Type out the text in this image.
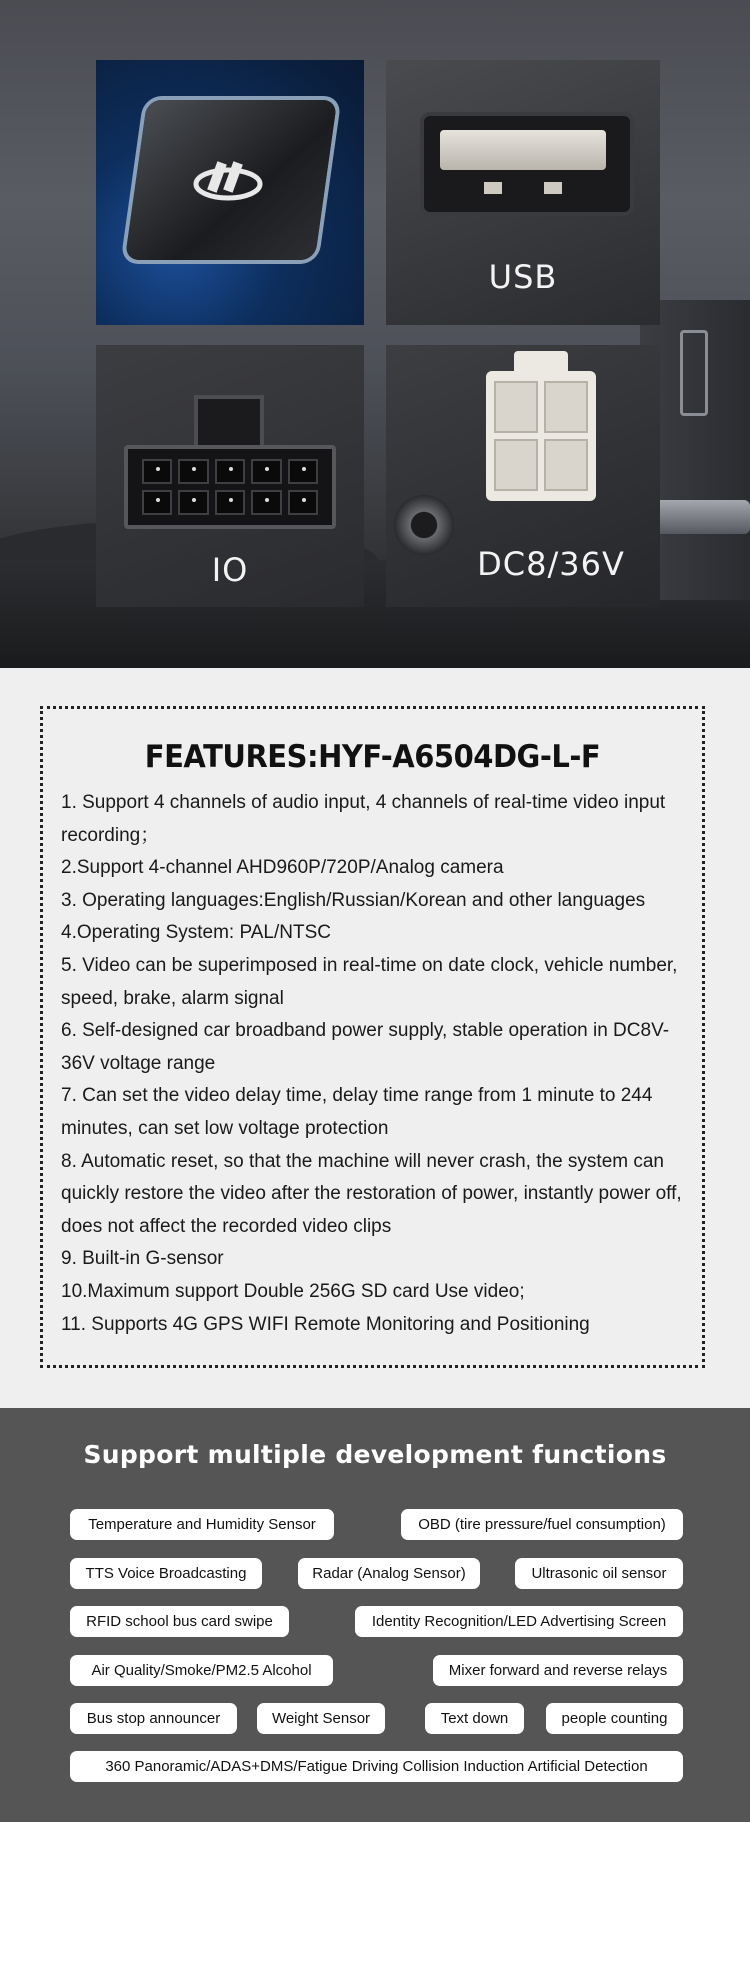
USB
IO	DC8/36V
FEATURES:HYF-A6504DG-L-F
1. Support 4 channels of audio input, 4 channels of real-time video input recording；
2.Support 4-channel AHD960P/720P/Analog camera
3. Operating languages:English/Russian/Korean and other languages
4.Operating System: PAL/NTSC
5. Video can be superimposed in real-time on date clock, vehicle number, speed, brake, alarm signal
6. Self-designed car broadband power supply, stable operation in DC8V-36V voltage range
7. Can set the video delay time, delay time range from 1 minute to 244 minutes, can set low voltage protection
8. Automatic reset, so that the machine will never crash, the system can quickly restore the video after the restoration of power, instantly power off, does not affect the recorded video clips
9. Built-in G-sensor
10.Maximum support Double 256G SD card Use video;
11. Supports 4G GPS WIFI Remote Monitoring and Positioning
Support multiple development functions
Temperature and Humidity Sensor	OBD (tire pressure/fuel consumption)
TTS Voice Broadcasting	Radar (Analog Sensor)	Ultrasonic oil sensor
RFID school bus card swipe	Identity Recognition/LED Advertising Screen
Air Quality/Smoke/PM2.5 Alcohol	Mixer forward and reverse relays
Bus stop announcer	Weight Sensor	Text down	people counting
360 Panoramic/ADAS+DMS/Fatigue Driving Collision Induction Artificial Detection
